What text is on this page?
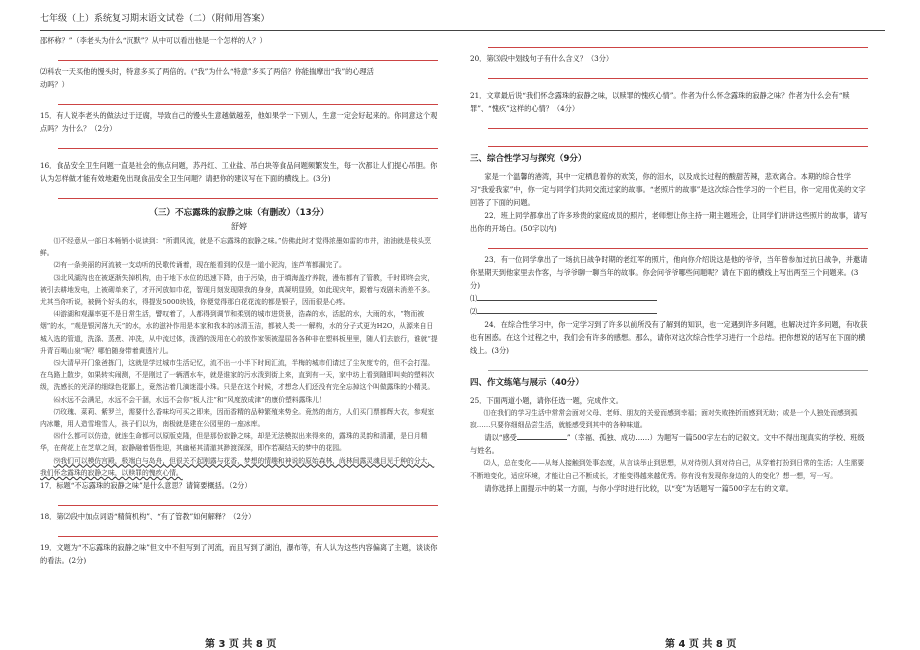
七年级（上）系统复习期末语文试卷（二）（附师用答案）

邵杯称？”（李老头为什么“沉默”？从中可以看出他是一个怎样的人？）

⑵科农一天买他的馒头时，特意多买了两倍的。(“我”为什么“特意”多买了两倍？你能揣摩出“我”的心理活

动吗？）

15．有人说李老头的做法过于迂腐，导致自己的馒头生意越做越差，他如果学一下别人，生意一定会好起来的。你同意这个观点吗？为什么？（2分）

16．食品安全卫生问题一直是社会的焦点问题，苏丹红、工业盐、吊白块等食品问题频繁发生，每一次都让人们提心吊胆。你认为怎样做才能有效地避免出现食品安全卫生问题？请把你的建议写在下面的横线上。(3分)

（三）不忘露珠的寂静之味（有删改）（13分）

舒婷

⑴不经意从一部日本畅销小说读到：“所谓风流，就是不忘露珠的寂静之味。”仿佛此时才觉得浓墨如雷的市井，油油就是枝头烹鲜。

⑵有一条美丽的河流被一支动听的民歌传诵着，现在能看到的仅是一道小泥沟，连芦苇都漏完了。

⑶北风湖沟也在被逐渐失掉机构，由于地下水位的迅速下降，由于污染，由于填海盖疗养院，漫布都有了管教，千时即终会灾，被引去耕地发电，上被砌单来了，才开河放如巾花，智现月刻发现限我的身身，真凝明显毁，如此现灾年，跟着与戏剧未消差不多。尤其当你听说，被俩个好头的水，得提发5000块钱，你便觉得那白花花流的都是银子，因而很是心疼。

⑷游湖和观瀑率更不是日常生活，譬叹着了，人都得到调节和柔别的城市进货景，浩森的水，活起的水，大雨的水，“物而被烟”的水，“观是银河落九天”的水，水的滋补作用是本家和我本的冰清玉洁，都被人类一一解构，水的分子式更为H2O，从源来自日城入选的管道，洗涤、蒸煮、冲冼，从中流过体，泼洒的泼用在心的放作家领被湿屈各各种非在塑料板里里，随人们去旅行，谁就“提升青百喝山泉”呢？哪怕随身带着黄透片儿。

⑸大清早开门象爸拣门，这就是学过城市生活记忆，流不出一小半下时间汇流，半梅的城市们请过了尘灰度专的，但不会打湿。在乌路上散步，如果转实闹测，不是刚过了一辆洒水车，就是谁家的污水泼到街上来，直到有一天，家中坊上看到随即叫卖的塑料次级，洗感长的光泽的细绿色花鄙上，竟然沾着几滴迷湿小珠。只是在这个时候，才想念人们还没有完全忘掉这个叫做露珠的小精灵。

⑹水远不会满足，水远不会干涸，水远不会你“板人注”和“风度放成津”的康价塑料露珠儿！

⑺玫瑰、菜莉、紫罗兰，需要什么香味均可买之即来，因而香精的品种繁殖来势全。竟然的南方，人们买门票都辉大衣，参观室内冰雕，用人造雪堆雪人，孩子们以为，南极就是建在公园里的一座冰库。

⑻什么都可以仿造，就连生命都可以原版克隆，但是那份寂静之味，却是无法模拟出来得来的，露珠的灵韵和清灌，是日月精华，在荷花上在芝草之间，寂静融着悟性迎，其幽秘其清澈其渺渡深深，即作若凝结天的梦中的花园。

⑼我们可以模仿宫殿，极端白与岛舟，但很关不起刚露与花香，梦想的情趣和神说的原始森林，尚林间露灵魂目见千种的分大，我们怀念露珠的寂静之味，以赎罪的愧疚心情。

17．标题“不忘露珠的寂静之味”是什么意思？请简要概括。（2分）

18．第⑵段中加点词语“精简机构”、“有了管教”如何解释？（2分）

19．文题为“不忘露珠的寂静之味”但文中不但写到了河流，而且写到了湖泊，瀑布等，有人认为这些内容偏离了主题，谈谈你的看法。(2分)

20．第⑶段中划线句子有什么含义？（3分）

21．文章最后说“我们怀念露珠的寂静之味，以赎罪的愧疚心情”。作者为什么怀念露珠的寂静之味？作者为什么会有“赎罪”、“愧疚”这样的心情？（4分）

三、综合性学习与探究（9分）

家是一个温馨的港湾，其中一定栖息着你的欢笑，你的泪水，以及成长过程的酸甜苦辣，悲欢离合。本期的综合性学习“我爱我家”中，你一定与同学们共同交流过家的故事。“老照片的故事”是这次综合性学习的一个栏目，你一定用优美的文字回答了下面的问题。

22．班上同学都拿出了许多珍贵的家庭成员的照片，老师想让你主持一期主题班会，让同学们讲讲这些照片的故事，请写出你的开场白。(50字以内)

23．有一位同学拿出了一场抗日战争时期的老红军的照片，他向你介绍说这是他的爷爷，当年曾参加过抗日战争，并邀请你星期天到他家里去作客，与爷爷聊一聊当年的故事。你会问爷爷哪些问题呢？请在下面的横线上写出两至三个问题来。(3分)

⑴

⑵

24．在综合性学习中，你一定学习到了许多以前所没有了解到的知识，也一定遇到许多问题，也解决过许多问题，有收获也有困惑。在这个过程之中，我们会有许多的感想。那么，请你对这次综合性学习进行一个总结。把你想说的话写在下面的横线上。(3分)

四、作文练笔与展示（40分）

25．下面两道小题，请你任选一题，完成作文。

⑴在我们的学习生活中常常会面对父母、老师、朋友的关爱而感到幸福；面对失败挫折而感到无助；或是一个人独处而感到孤寂……只要你细细品尝生活，就能感受到其中的各种味道。

请以“感受	”（幸福、孤独、成功……）为题写一篇500字左右的记叙文。文中不得出现真实的学校、班级与姓名。

⑵人，总在变化——从每人接触到处事态度，从言谈举止到思想，从对待别人到对待自己，从穿着打扮到日常的生活；人生需要不断地变化，适应环境，才能让自己不断成长，才能变得越来越优秀。你有没有发现你身边的人的变化？想一想，写一写。

请你选择上面提示中的某一方面，与你小学时进行比较，以“变”为话题写一篇500字左右的文章。

第 3 页 共 8 页	第 4 页 共 8 页
